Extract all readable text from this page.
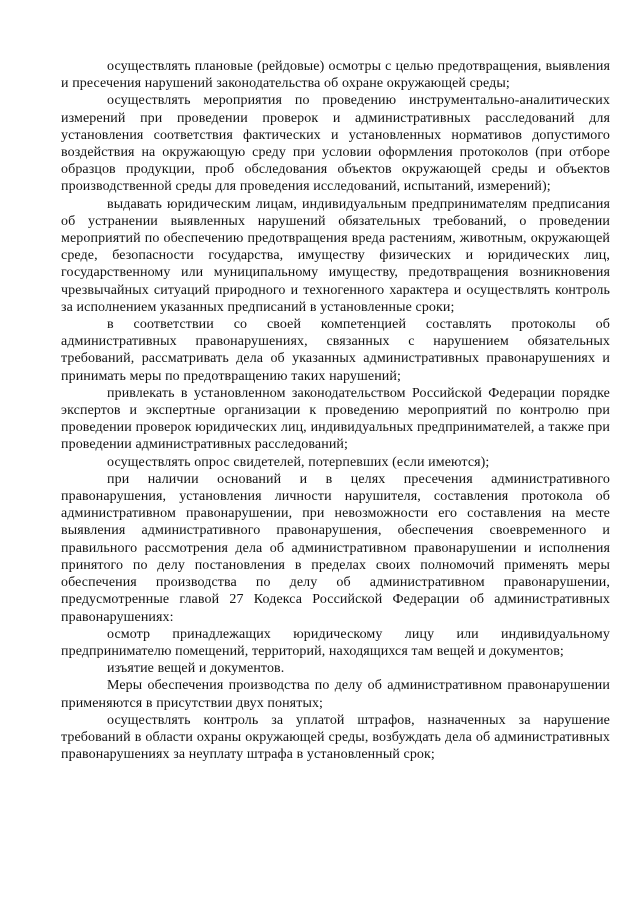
осуществлять плановые (рейдовые) осмотры с целью предотвращения, выявления и пресечения нарушений законодательства об охране окружающей среды;

осуществлять мероприятия по проведению инструментально-аналитических измерений при проведении проверок и административных расследований для установления соответствия фактических и установленных нормативов допустимого воздействия на окружающую среду при условии оформления протоколов (при отборе образцов продукции, проб обследования объектов окружающей среды и объектов производственной среды для проведения исследований, испытаний, измерений);

выдавать юридическим лицам, индивидуальным предпринимателям предписания об устранении выявленных нарушений обязательных требований, о проведении мероприятий по обеспечению предотвращения вреда растениям, животным, окружающей среде, безопасности государства, имуществу физических и юридических лиц, государственному или муниципальному имуществу, предотвращения возникновения чрезвычайных ситуаций природного и техногенного характера и осуществлять контроль за исполнением указанных предписаний в установленные сроки;

в соответствии со своей компетенцией составлять протоколы об административных правонарушениях, связанных с нарушением обязательных требований, рассматривать дела об указанных административных правонарушениях и принимать меры по предотвращению таких нарушений;

привлекать в установленном законодательством Российской Федерации порядке экспертов и экспертные организации к проведению мероприятий по контролю при проведении проверок юридических лиц, индивидуальных предпринимателей, а также при проведении административных расследований;

осуществлять опрос свидетелей, потерпевших (если имеются);

при наличии оснований и в целях пресечения административного правонарушения, установления личности нарушителя, составления протокола об административном правонарушении, при невозможности его составления на месте выявления административного правонарушения, обеспечения своевременного и правильного рассмотрения дела об административном правонарушении и исполнения принятого по делу постановления в пределах своих полномочий применять меры обеспечения производства по делу об административном правонарушении, предусмотренные главой 27 Кодекса Российской Федерации об административных правонарушениях:

осмотр принадлежащих юридическому лицу или индивидуальному предпринимателю помещений, территорий, находящихся там вещей и документов;

изъятие вещей и документов.

Меры обеспечения производства по делу об административном правонарушении применяются в присутствии двух понятых;

осуществлять контроль за уплатой штрафов, назначенных за нарушение требований в области охраны окружающей среды, возбуждать дела об административных правонарушениях за неуплату штрафа в установленный срок;
